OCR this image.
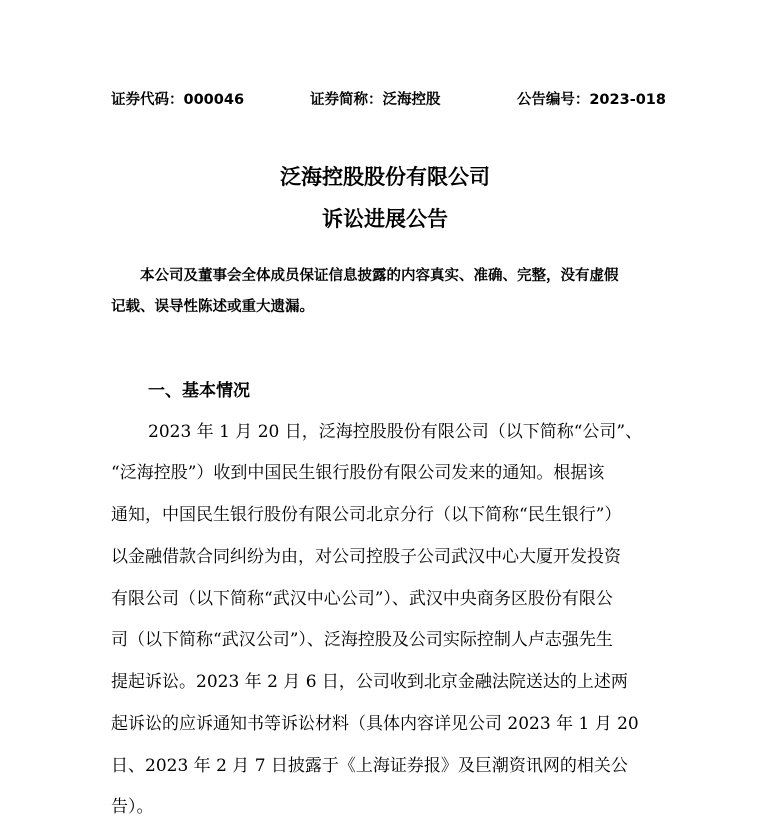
证券代码：000046	证券简称：泛海控股	公告编号：2023-018
泛海控股股份有限公司
诉讼进展公告
本公司及董事会全体成员保证信息披露的内容真实、准确、完整，没有虚假
记载、误导性陈述或重大遗漏。
一、基本情况
2023 年 1 月 20 日，泛海控股股份有限公司（以下简称“公司”、
“泛海控股”）收到中国民生银行股份有限公司发来的通知。根据该
通知，中国民生银行股份有限公司北京分行（以下简称“民生银行”）
以金融借款合同纠纷为由，对公司控股子公司武汉中心大厦开发投资
有限公司（以下简称“武汉中心公司”）、武汉中央商务区股份有限公
司（以下简称“武汉公司”）、泛海控股及公司实际控制人卢志强先生
提起诉讼。2023 年 2 月 6 日，公司收到北京金融法院送达的上述两
起诉讼的应诉通知书等诉讼材料（具体内容详见公司 2023 年 1 月 20
日、2023 年 2 月 7 日披露于《上海证券报》及巨潮资讯网的相关公
告）。
